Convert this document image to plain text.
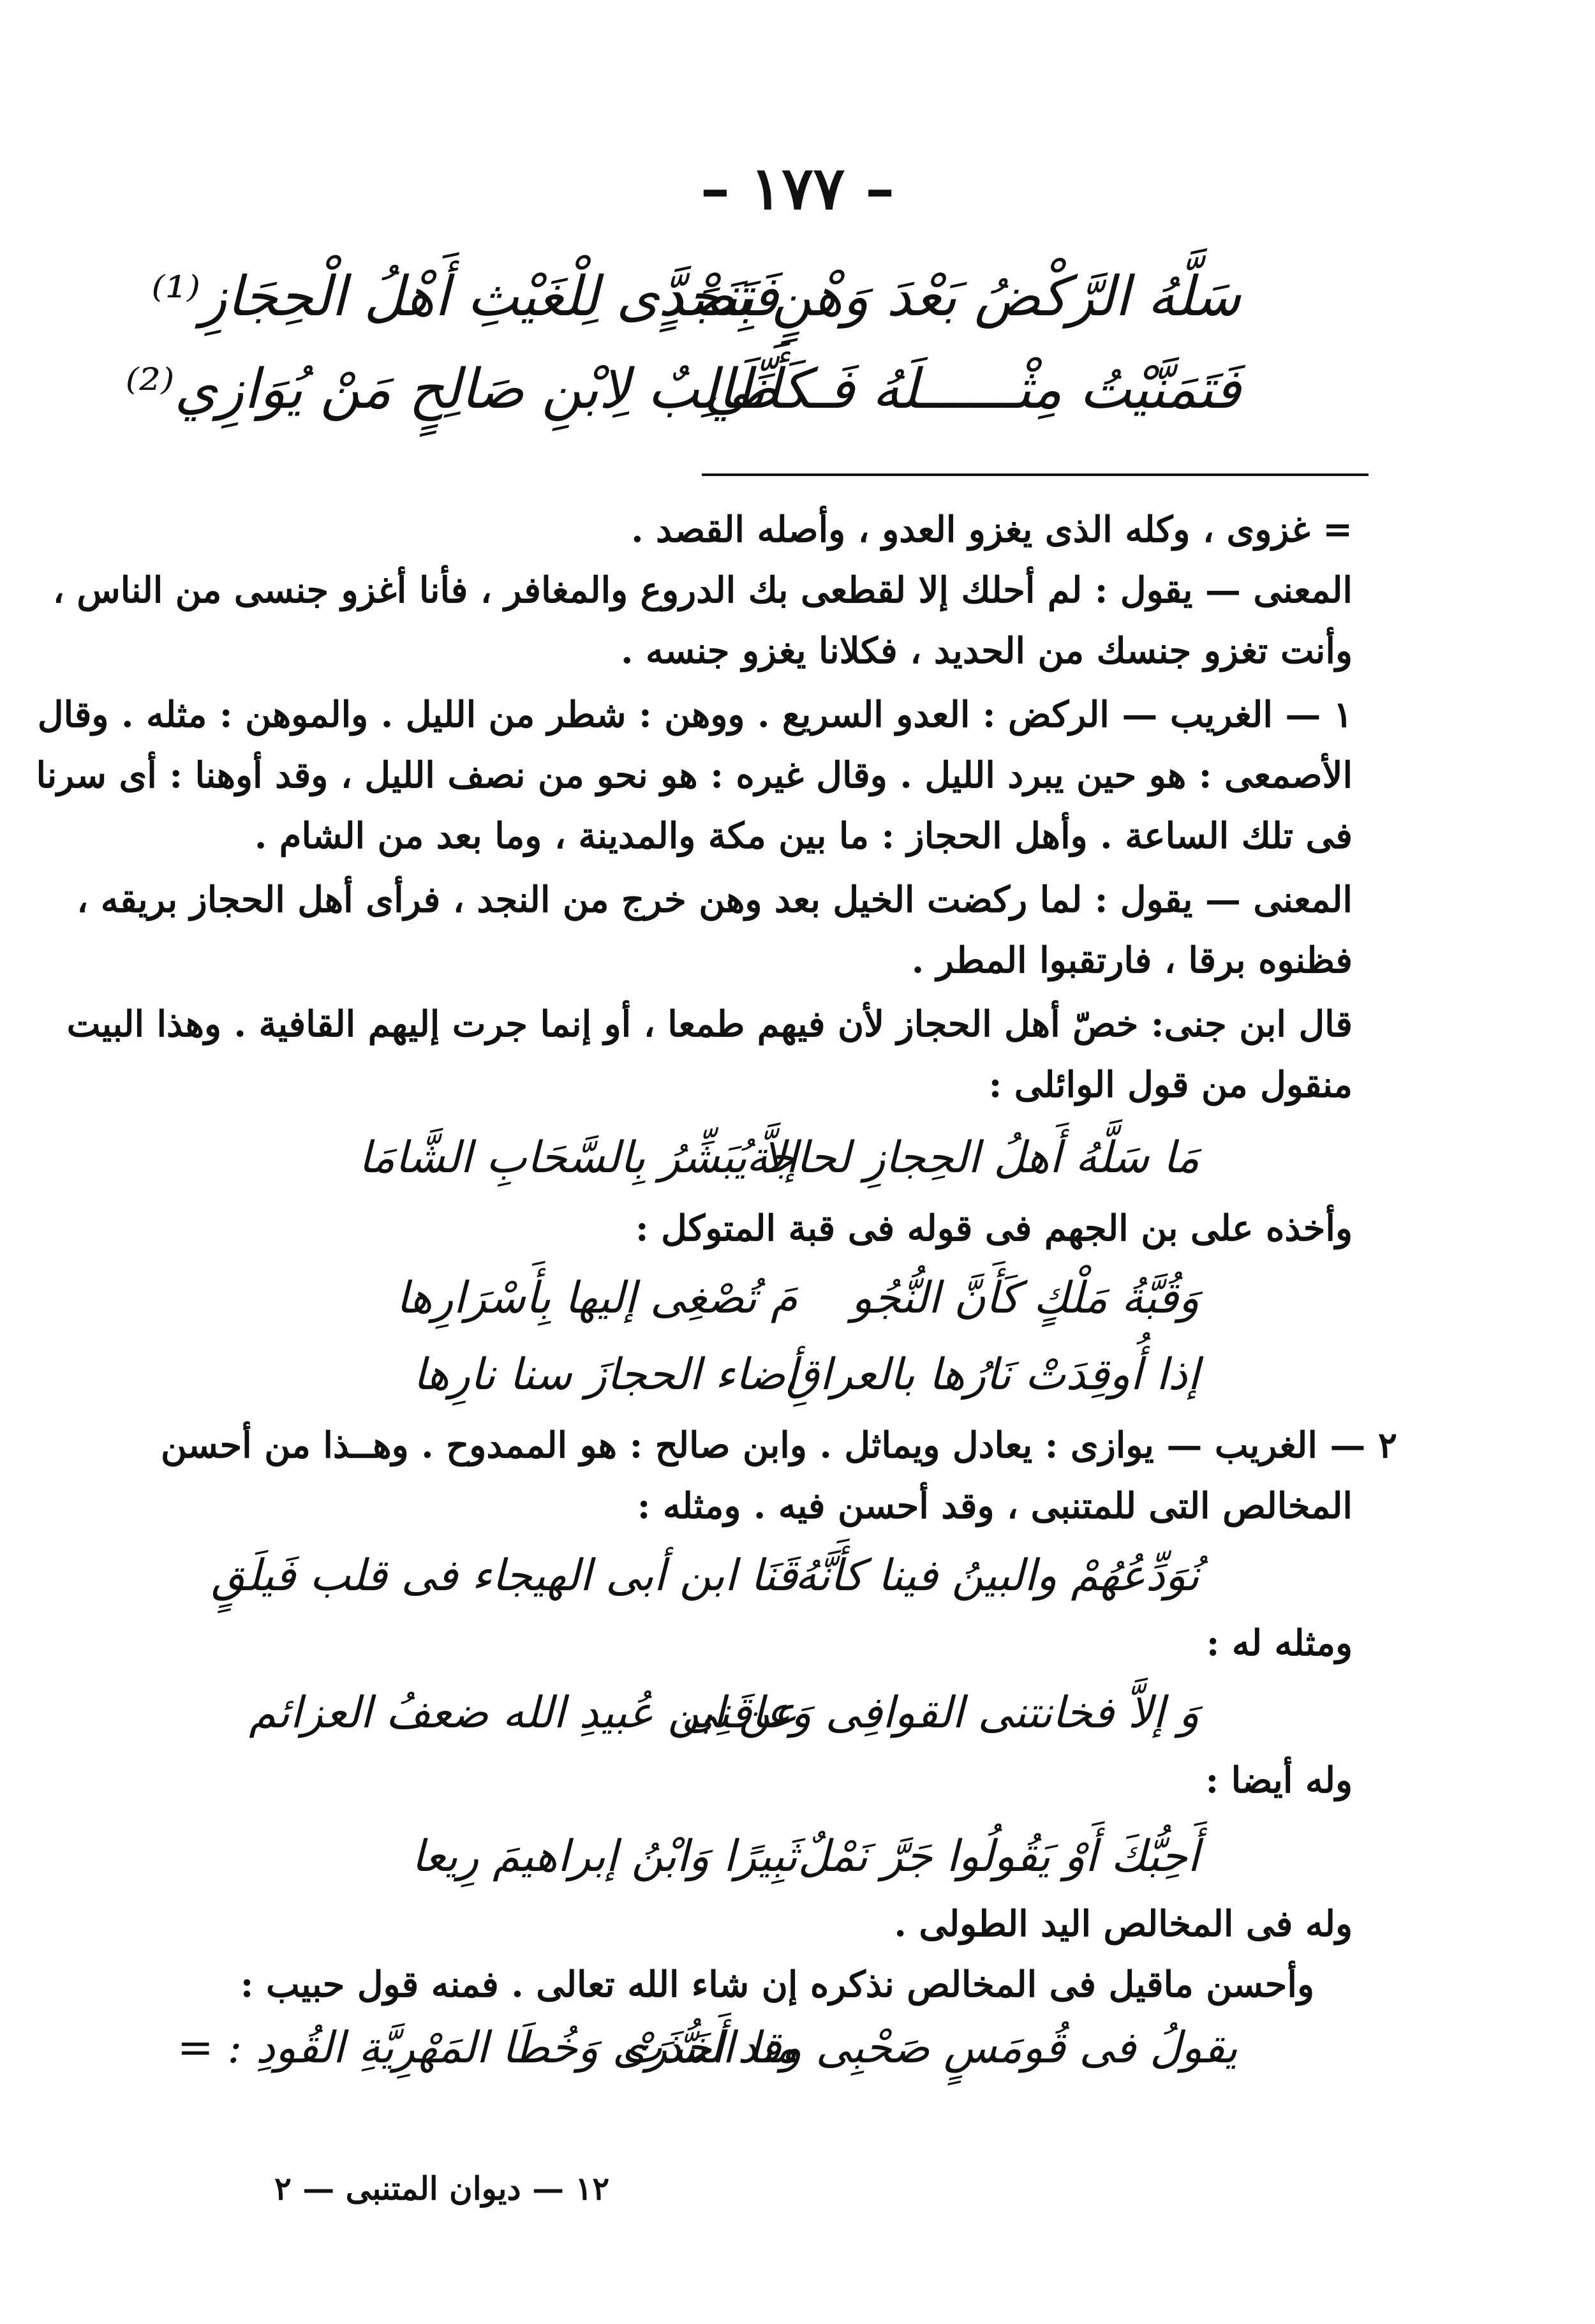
– ١٧٧ –
سَلَّهُ الرَّكْضُ بَعْدَ وَهْنٍ بِنَجْدٍ
فَتَصَدَّى لِلْغَيْثِ أَهْلُ الْحِجَازِ⁽¹⁾
فَتَمَنَّيْتُ مِثْــــــلَهُ فَـكَأَنِّي
طَالِبٌ لِابْنِ صَالِحٍ مَنْ يُوَازِي⁽²⁾
= غزوى ، وكله الذى يغزو العدو ، وأصله القصد .
المعنى — يقول : لم أحلك إلا لقطعى بك الدروع والمغافر ، فأنا أغزو جنسى من الناس ،
وأنت تغزو جنسك من الحديد ، فكلانا يغزو جنسه .
١ — الغريب — الركض : العدو السريع . ووهن : شطر من الليل . والموهن : مثله . وقال
الأصمعى : هو حين يبرد الليل . وقال غيره : هو نحو من نصف الليل ، وقد أوهنا : أى سرنا
فى تلك الساعة . وأهل الحجاز : ما بين مكة والمدينة ، وما بعد من الشام .
المعنى — يقول : لما ركضت الخيل بعد وهن خرج من النجد ، فرأى أهل الحجاز بريقه ،
فظنوه برقا ، فارتقبوا المطر .
قال ابن جنى: خصّ أهل الحجاز لأن فيهم طمعا ، أو إنما جرت إليهم القافية . وهذا البيت
منقول من قول الوائلى :
مَا سَلَّهُ أَهلُ الحِجازِ لحاجة
إلاَّ يُبَشِّرُ بِالسَّحَابِ الشَّامَا
وأخذه على بن الجهم فى قوله فى قبة المتوكل :
وَقُبَّةُ مَلْكٍ كَأَنَّ النُّجُو
مَ تُصْغِى إليها بِأَسْرَارِها
إذا أُوقِدَتْ نَارُها بالعراقِ
أضاء الحجازَ سنا نارِها
٢ — الغريب — يوازى : يعادل ويماثل . وابن صالح : هو الممدوح . وهــذا من أحسن
المخالص التى للمتنبى ، وقد أحسن فيه . ومثله :
نُوَدِّعُهُمْ والبينُ فينا كأَنَّهُ
قَنَا ابن أبى الهيجاء فى قلب فَيلَقٍ
ومثله له :
وَ إلاَّ فخانتنى القوافِى وَعاقَنِى
عن ابن عُبيدِ الله ضعفُ العزائم
وله أيضا :
أَحِبُّكَ أَوْ يَقُولُوا جَرَّ نَمْلٌ
ثَبِيرًا وَابْنُ إبراهيمَ رِيعا
وله فى المخالص اليد الطولى .
وأحسن ماقيل فى المخالص نذكره إن شاء الله تعالى . فمنه قول حبيب :
يقولُ فى قُومَسٍ صَحْبِى وقد أَخَذَتْ
منا السُّرَى وَخُطَا المَهْرِيَّةِ القُودِ : =
١٢ — ديوان المتنبى — ٢
